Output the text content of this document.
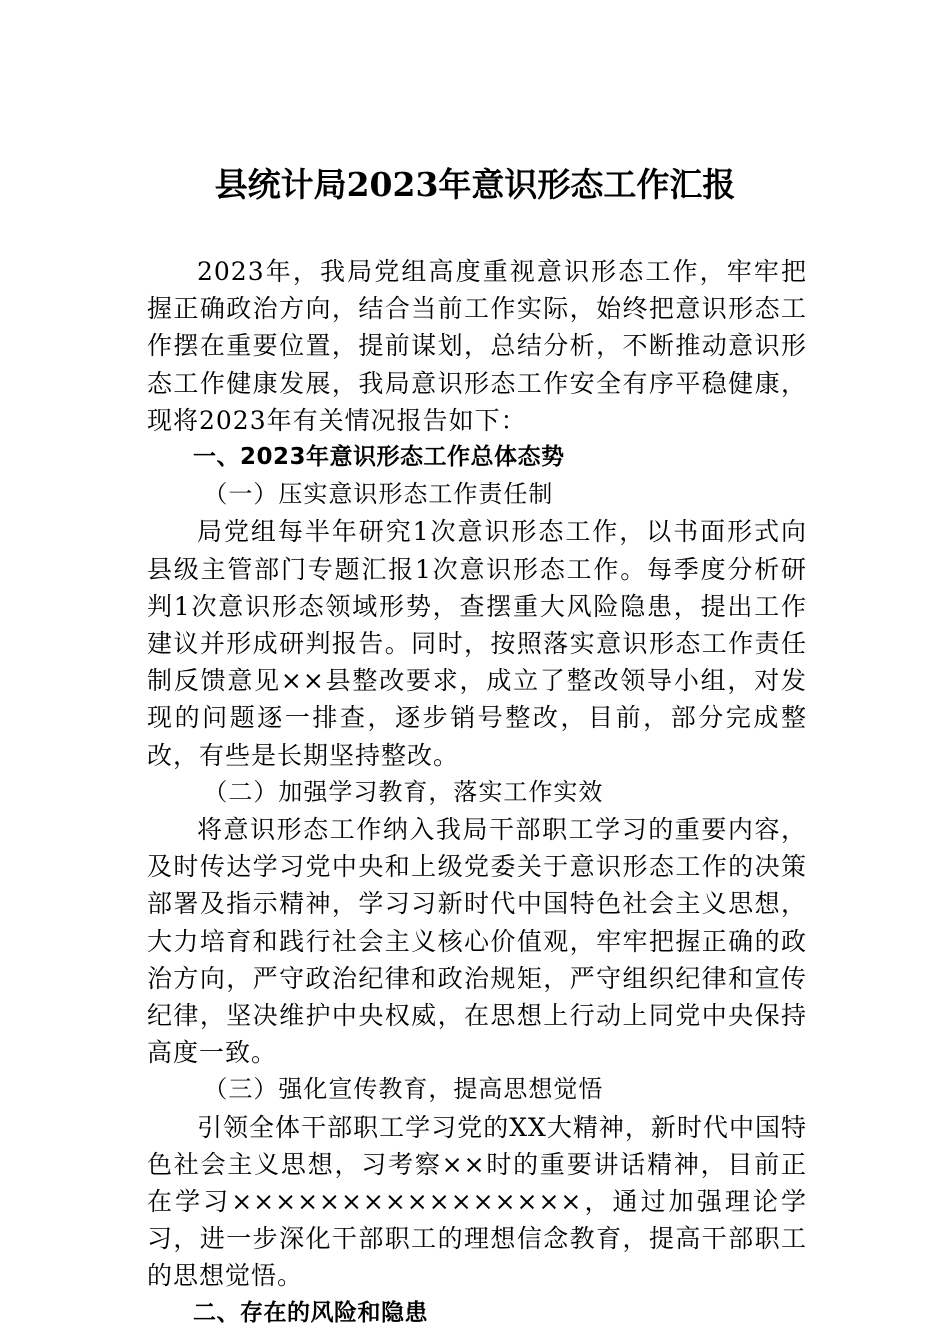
县统计局2023年意识形态工作汇报

2023年，我局党组高度重视意识形态工作，牢牢把握正确政治方向，结合当前工作实际，始终把意识形态工作摆在重要位置，提前谋划，总结分析，不断推动意识形态工作健康发展，我局意识形态工作安全有序平稳健康，现将2023年有关情况报告如下：

一、2023年意识形态工作总体态势

（一）压实意识形态工作责任制

局党组每半年研究1次意识形态工作，以书面形式向县级主管部门专题汇报1次意识形态工作。每季度分析研判1次意识形态领域形势，查摆重大风险隐患，提出工作建议并形成研判报告。同时，按照落实意识形态工作责任制反馈意见××县整改要求，成立了整改领导小组，对发现的问题逐一排查，逐步销号整改，目前，部分完成整改，有些是长期坚持整改。

（二）加强学习教育，落实工作实效

将意识形态工作纳入我局干部职工学习的重要内容，及时传达学习党中央和上级党委关于意识形态工作的决策部署及指示精神，学习习新时代中国特色社会主义思想，大力培育和践行社会主义核心价值观，牢牢把握正确的政治方向，严守政治纪律和政治规矩，严守组织纪律和宣传纪律，坚决维护中央权威，在思想上行动上同党中央保持高度一致。

（三）强化宣传教育，提高思想觉悟

引领全体干部职工学习党的XX大精神，新时代中国特色社会主义思想，习考察××时的重要讲话精神，目前正在学习××××××××××××××××，通过加强理论学习，进一步深化干部职工的理想信念教育，提高干部职工的思想觉悟。

二、存在的风险和隐患
